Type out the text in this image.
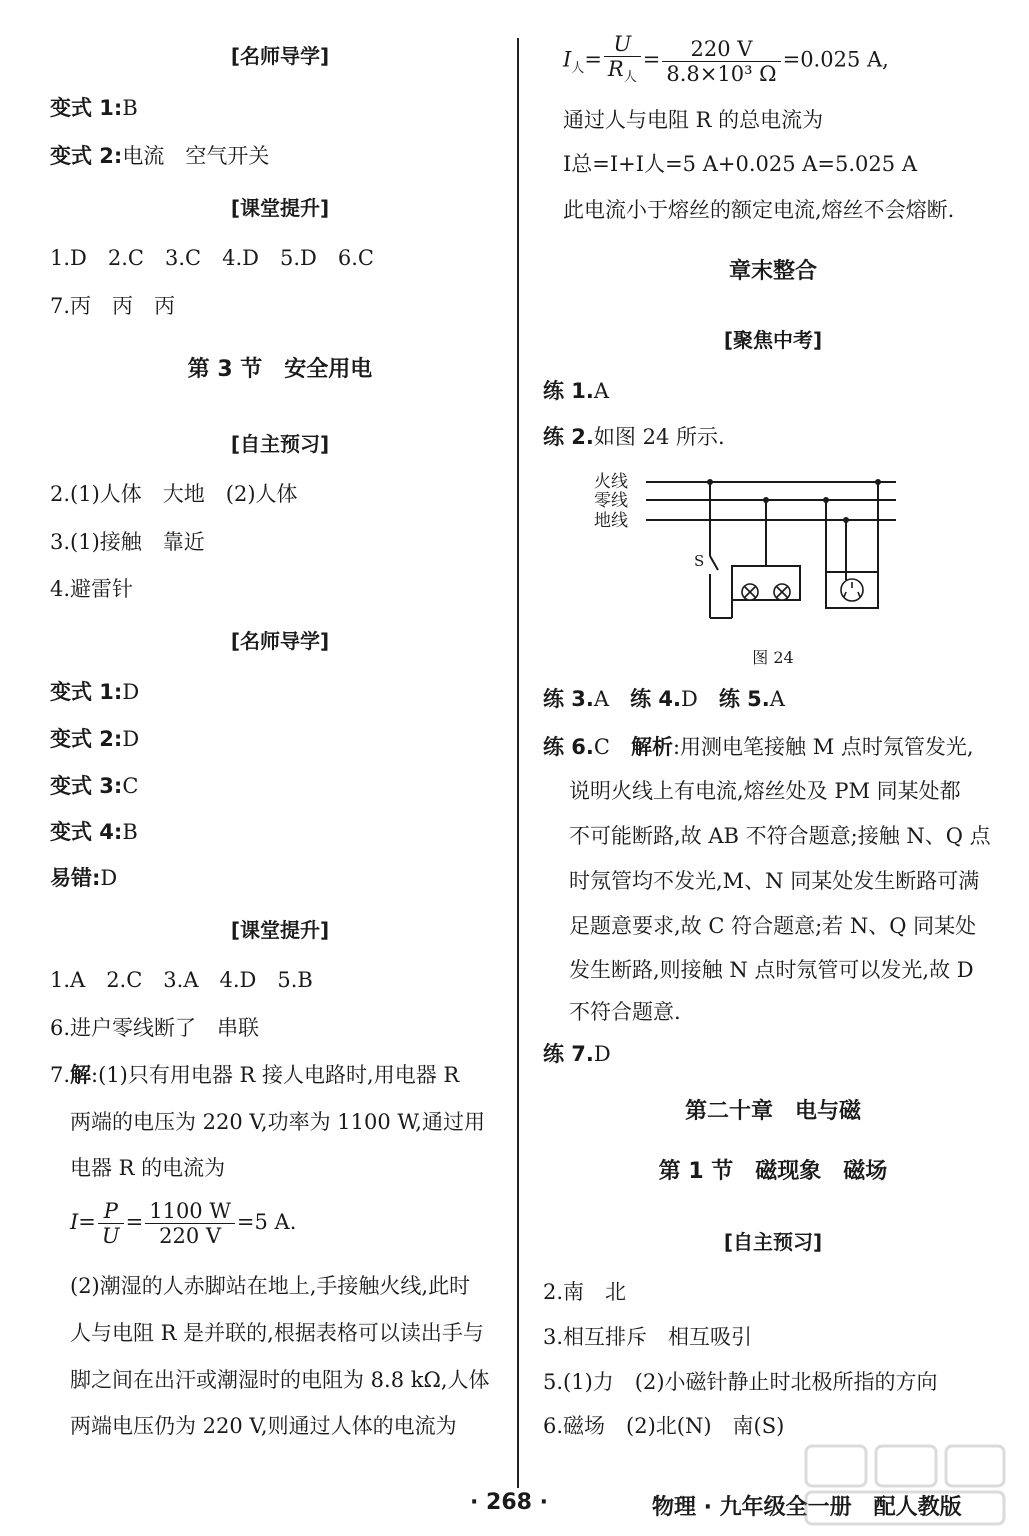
[名师导学]
变式 1:B
变式 2:电流　空气开关
[课堂提升]
1.D　2.C　3.C　4.D　5.D　6.C
7.丙　丙　丙
第 3 节　安全用电
[自主预习]
2.(1)人体　大地　(2)人体
3.(1)接触　靠近
4.避雷针
[名师导学]
变式 1:D
变式 2:D
变式 3:C
变式 4:B
易错:D
[课堂提升]
1.A　2.C　3.A　4.D　5.B
6.进户零线断了　串联
7.解:(1)只有用电器 R 接人电路时,用电器 R
两端的电压为 220 V,功率为 1100 W,通过用
电器 R 的电流为
$I= \frac{P}{U} = \frac{1100 W}{220 V} =5$ A.
(2)潮湿的人赤脚站在地上,手接触火线,此时
人与电阻 R 是并联的,根据表格可以读出手与
脚之间在出汗或潮湿时的电阻为 8.8 kΩ,人体
两端电压仍为 220 V,则通过人体的电流为
$I_人= \frac{U}{R_人} = \frac{220 V}{\text{8.8×10³ Ω}} =0.025$ A,
通过人与电阻 R 的总电流为
I总=I+I人=5 A+0.025 A=5.025 A
此电流小于熔丝的额定电流,熔丝不会熔断.
章末整合
[聚焦中考]
练 1.A
练 2.如图 24 所示.
图 24
练 3.A　练 4.D　练 5.A
练 6.C　解析:用测电笔接触 M 点时氖管发光,
说明火线上有电流,熔丝处及 PM 同某处都
不可能断路,故 AB 不符合题意;接触 N、Q 点
时氖管均不发光,M、N 同某处发生断路可满
足题意要求,故 C 符合题意;若 N、Q 同某处
发生断路,则接触 N 点时氖管可以发光,故 D
不符合题意.
练 7.D
第二十章　电与磁
第 1 节　磁现象　磁场
[自主预习]
2.南　北
3.相互排斥　相互吸引
5.(1)力　(2)小磁针静止时北极所指的方向
6.磁场　(2)北(N)　南(S)
火线
零线
地线
S
· 268 ·	物理 · 九年级全一册　配人教版
